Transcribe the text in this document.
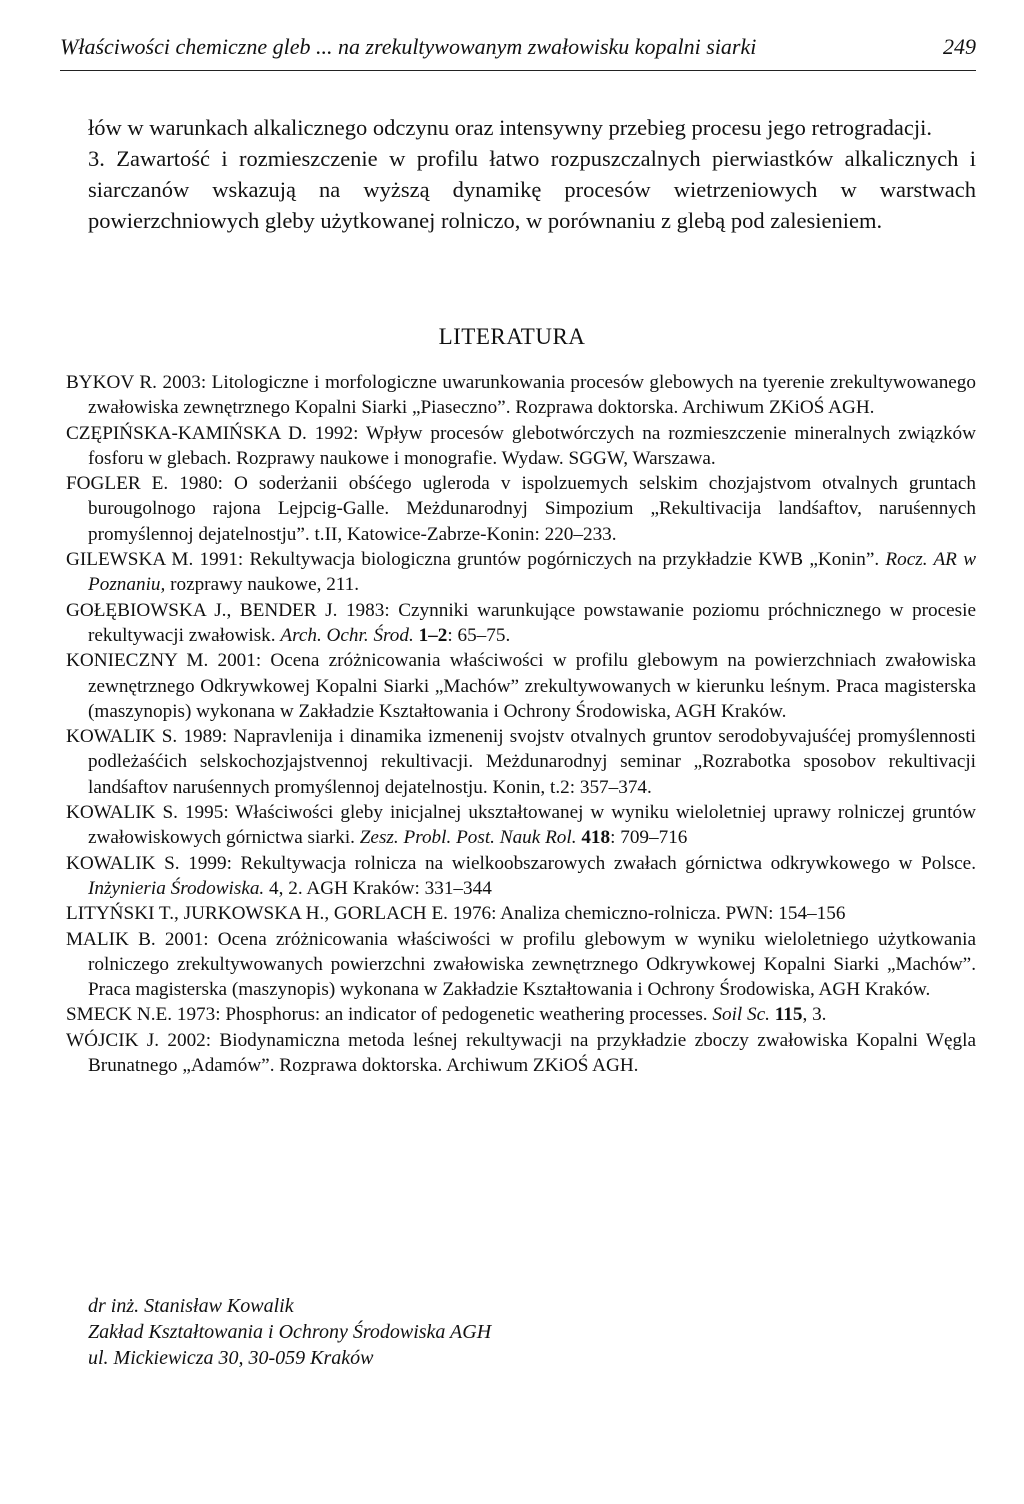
Właściwości chemiczne gleb ... na zrekultywowanym zwałowisku kopalni siarki	249

łów w warunkach alkalicznego odczynu oraz intensywny przebieg procesu jego retrogradacji.

3. Zawartość i rozmieszczenie w profilu łatwo rozpuszczalnych pierwiastków alkalicznych i siarczanów wskazują na wyższą dynamikę procesów wietrzeniowych w warstwach powierzchniowych gleby użytkowanej rolniczo, w porównaniu z glebą pod zalesieniem.

LITERATURA

BYKOV R. 2003: Litologiczne i morfologiczne uwarunkowania procesów glebowych na tyerenie zrekultywowanego zwałowiska zewnętrznego Kopalni Siarki „Piaseczno”. Rozprawa doktorska. Archiwum ZKiOŚ AGH.

CZĘPIŃSKA-KAMIŃSKA D. 1992: Wpływ procesów glebotwórczych na rozmieszczenie mineralnych związków fosforu w glebach. Rozprawy naukowe i monografie. Wydaw. SGGW, Warszawa.

FOGLER E. 1980: O soderżanii obśćego ugleroda v ispolzuemych selskim chozjajstvom otvalnych gruntach burougolnogo rajona Lejpcig-Galle. Meżdunarodnyj Simpozium „Rekultivacija landśaftov, naruśennych promyślennoj dejatelnostju”. t.II, Katowice-Zabrze-Konin: 220–233.

GILEWSKA M. 1991: Rekultywacja biologiczna gruntów pogórniczych na przykładzie KWB „Konin”. Rocz. AR w Poznaniu, rozprawy naukowe, 211.

GOŁĘBIOWSKA J., BENDER J. 1983: Czynniki warunkujące powstawanie poziomu próchnicznego w procesie rekultywacji zwałowisk. Arch. Ochr. Środ. 1–2: 65–75.

KONIECZNY M. 2001: Ocena zróżnicowania właściwości w profilu glebowym na powierzchniach zwałowiska zewnętrznego Odkrywkowej Kopalni Siarki „Machów” zrekultywowanych w kierunku leśnym. Praca magisterska (maszynopis) wykonana w Zakładzie Kształtowania i Ochrony Środowiska, AGH Kraków.

KOWALIK S. 1989: Napravlenija i dinamika izmenenij svojstv otvalnych gruntov serodobyvajuśćej promyślennosti podleżaśćich selskochozjajstvennoj rekultivacji. Meżdunarodnyj seminar „Rozrabotka sposobov rekultivacji landśaftov naruśennych promyślennoj dejatelnostju. Konin, t.2: 357–374.

KOWALIK S. 1995: Właściwości gleby inicjalnej ukształtowanej w wyniku wieloletniej uprawy rolniczej gruntów zwałowiskowych górnictwa siarki. Zesz. Probl. Post. Nauk Rol. 418: 709–716

KOWALIK S. 1999: Rekultywacja rolnicza na wielkoobszarowych zwałach górnictwa odkrywkowego w Polsce. Inżynieria Środowiska. 4, 2. AGH Kraków: 331–344

LITYŃSKI T., JURKOWSKA H., GORLACH E. 1976: Analiza chemiczno-rolnicza. PWN: 154–156

MALIK B. 2001: Ocena zróżnicowania właściwości w profilu glebowym w wyniku wieloletniego użytkowania rolniczego zrekultywowanych powierzchni zwałowiska zewnętrznego Odkrywkowej Kopalni Siarki „Machów”. Praca magisterska (maszynopis) wykonana w Zakładzie Kształtowania i Ochrony Środowiska, AGH Kraków.

SMECK N.E. 1973: Phosphorus: an indicator of pedogenetic weathering processes. Soil Sc. 115, 3.

WÓJCIK J. 2002: Biodynamiczna metoda leśnej rekultywacji na przykładzie zboczy zwałowiska Kopalni Węgla Brunatnego „Adamów”. Rozprawa doktorska. Archiwum ZKiOŚ AGH.

dr inż. Stanisław Kowalik
Zakład Kształtowania i Ochrony Środowiska AGH
ul. Mickiewicza 30, 30-059 Kraków
